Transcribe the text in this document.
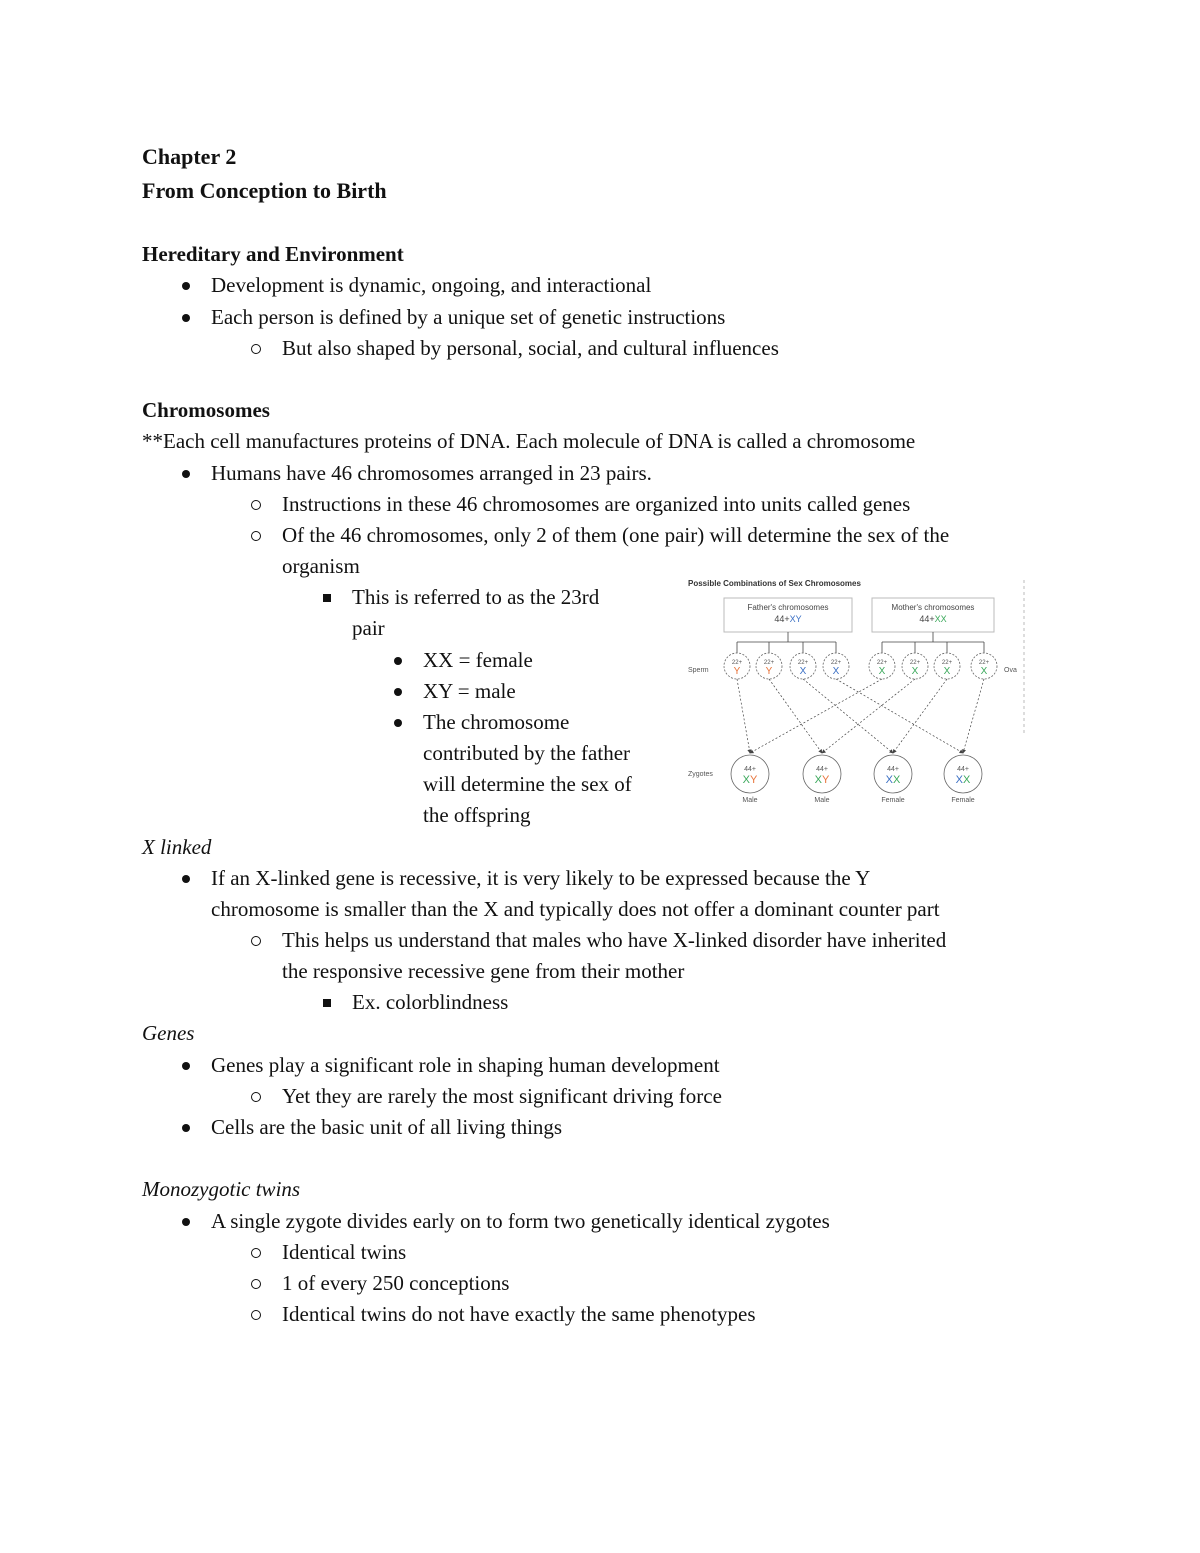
Chapter 2
From Conception to Birth
Hereditary and Environment
Development is dynamic, ongoing, and interactional
Each person is defined by a unique set of genetic instructions
But also shaped by personal, social, and cultural influences
Chromosomes
**Each cell manufactures proteins of DNA. Each molecule of DNA is called a chromosome
Humans have 46 chromosomes arranged in 23 pairs.
Instructions in these 46 chromosomes are organized into units called genes
Of the 46 chromosomes, only 2 of them (one pair) will determine the sex of the
organism
This is referred to as the 23rd
pair
XX = female
XY = male
The chromosome
contributed by the father
will determine the sex of
the offspring
Possible Combinations of Sex Chromosomes
Father's chromosomes
44+XY
Mother's chromosomes
44+XX
Sperm	Ova
Zygotes
22+
Y
22+
Y
22+
X
22+
X
22+
X
22+
X
22+
X
22+
X
44+
XY
Male
44+
XY
Male
44+
XX
Female
44+
XX
Female
X linked
If an X-linked gene is recessive, it is very likely to be expressed because the Y
chromosome is smaller than the X and typically does not offer a dominant counter part
This helps us understand that males who have X-linked disorder have inherited
the responsive recessive gene from their mother
Ex. colorblindness
Genes
Genes play a significant role in shaping human development
Yet they are rarely the most significant driving force
Cells are the basic unit of all living things
Monozygotic twins
A single zygote divides early on to form two genetically identical zygotes
Identical twins
1 of every 250 conceptions
Identical twins do not have exactly the same phenotypes
